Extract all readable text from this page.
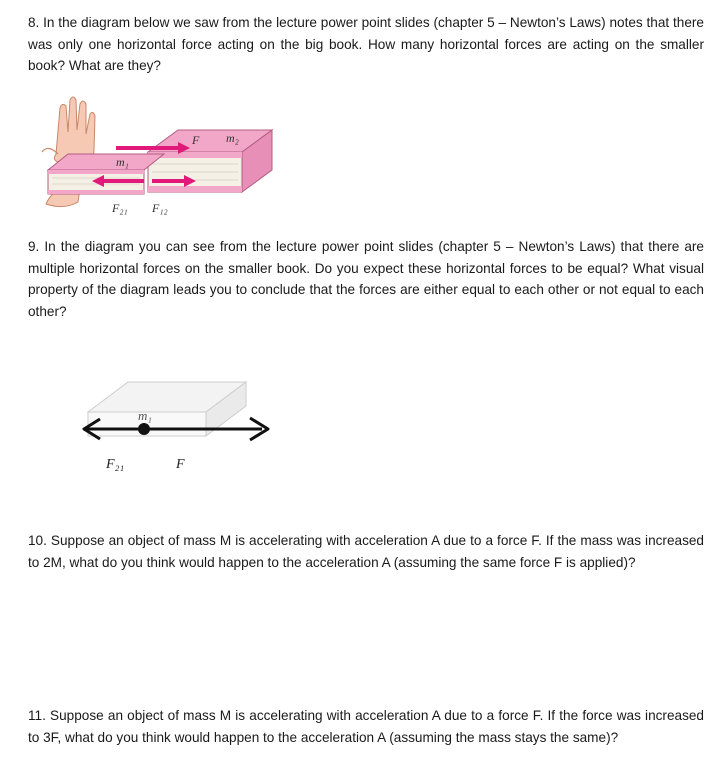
8. In the diagram below we saw from the lecture power point slides (chapter 5 – Newton’s Laws) notes that there was only one horizontal force acting on the big book. How many horizontal forces are acting on the smaller book? What are they?

m₁
m₂
F
F₂₁ F₁₂

9. In the diagram you can see from the lecture power point slides (chapter 5 – Newton’s Laws) that there are multiple horizontal forces on the smaller book. Do you expect these horizontal forces to be equal? What visual property of the diagram leads you to conclude that the forces are either equal to each other or not equal to each other?

m₁
F₂₁	F

10. Suppose an object of mass M is accelerating with acceleration A due to a force F. If the mass was increased to 2M, what do you think would happen to the acceleration A (assuming the same force F is applied)?

11. Suppose an object of mass M is accelerating with acceleration A due to a force F. If the force was increased to 3F, what do you think would happen to the acceleration A (assuming the mass stays the same)?
